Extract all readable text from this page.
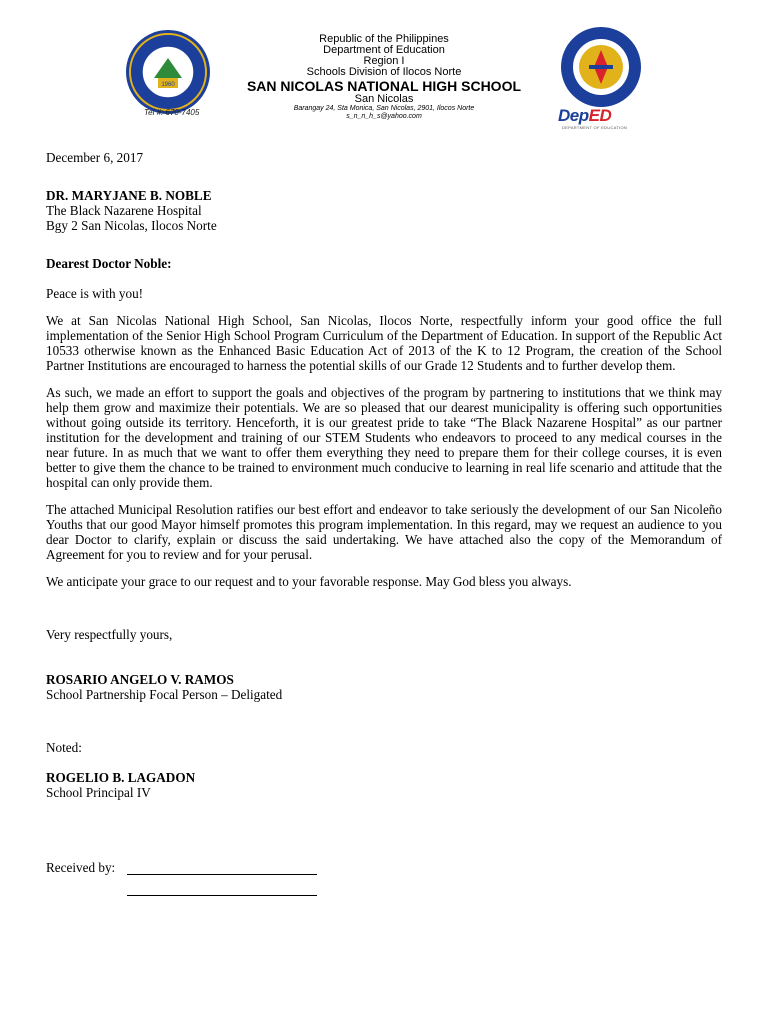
1960
Tel #: 670-7405
Republic of the Philippines
Department of Education
Region I
Schools Division of Ilocos Norte
SAN NICOLAS NATIONAL HIGH SCHOOL
San Nicolas
Barangay 24, Sta Monica, San Nicolas, 2901, Ilocos Norte
s_n_n_h_s@yahoo.com	DepED
DEPARTMENT OF EDUCATION

December 6, 2017

DR. MARYJANE B. NOBLE

The Black Nazarene Hospital

Bgy 2 San Nicolas, Ilocos Norte

Dearest Doctor Noble:

Peace is with you!

We at San Nicolas National High School, San Nicolas, Ilocos Norte, respectfully inform your good office the full implementation of the Senior High School Program Curriculum of the Department of Education. In support of the Republic Act 10533 otherwise known as the Enhanced Basic Education Act of 2013 of the K to 12 Program, the creation of the School Partner Institutions are encouraged to harness the potential skills of our Grade 12 Students and to further develop them.

As such, we made an effort to support the goals and objectives of the program by partnering to institutions that we think may help them grow and maximize their potentials. We are so pleased that our dearest municipality is offering such opportunities without going outside its territory. Henceforth, it is our greatest pride to take “The Black Nazarene Hospital” as our partner institution for the development and training of our STEM Students who endeavors to proceed to any medical courses in the near future. In as much that we want to offer them everything they need to prepare them for their college courses, it is even better to give them the chance to be trained to environment much conducive to learning in real life scenario and attitude that the hospital can only provide them.

The attached Municipal Resolution ratifies our best effort and endeavor to take seriously the development of our San Nicoleño Youths that our good Mayor himself promotes this program implementation. In this regard, may we request an audience to you dear Doctor to clarify, explain or discuss the said undertaking. We have attached also the copy of the Memorandum of Agreement for you to review and for your perusal.

We anticipate your grace to our request and to your favorable response. May God bless you always.

Very respectfully yours,

ROSARIO ANGELO V. RAMOS

School Partnership Focal Person – Deligated

Noted:

ROGELIO B. LAGADON

School Principal IV

Received by:
